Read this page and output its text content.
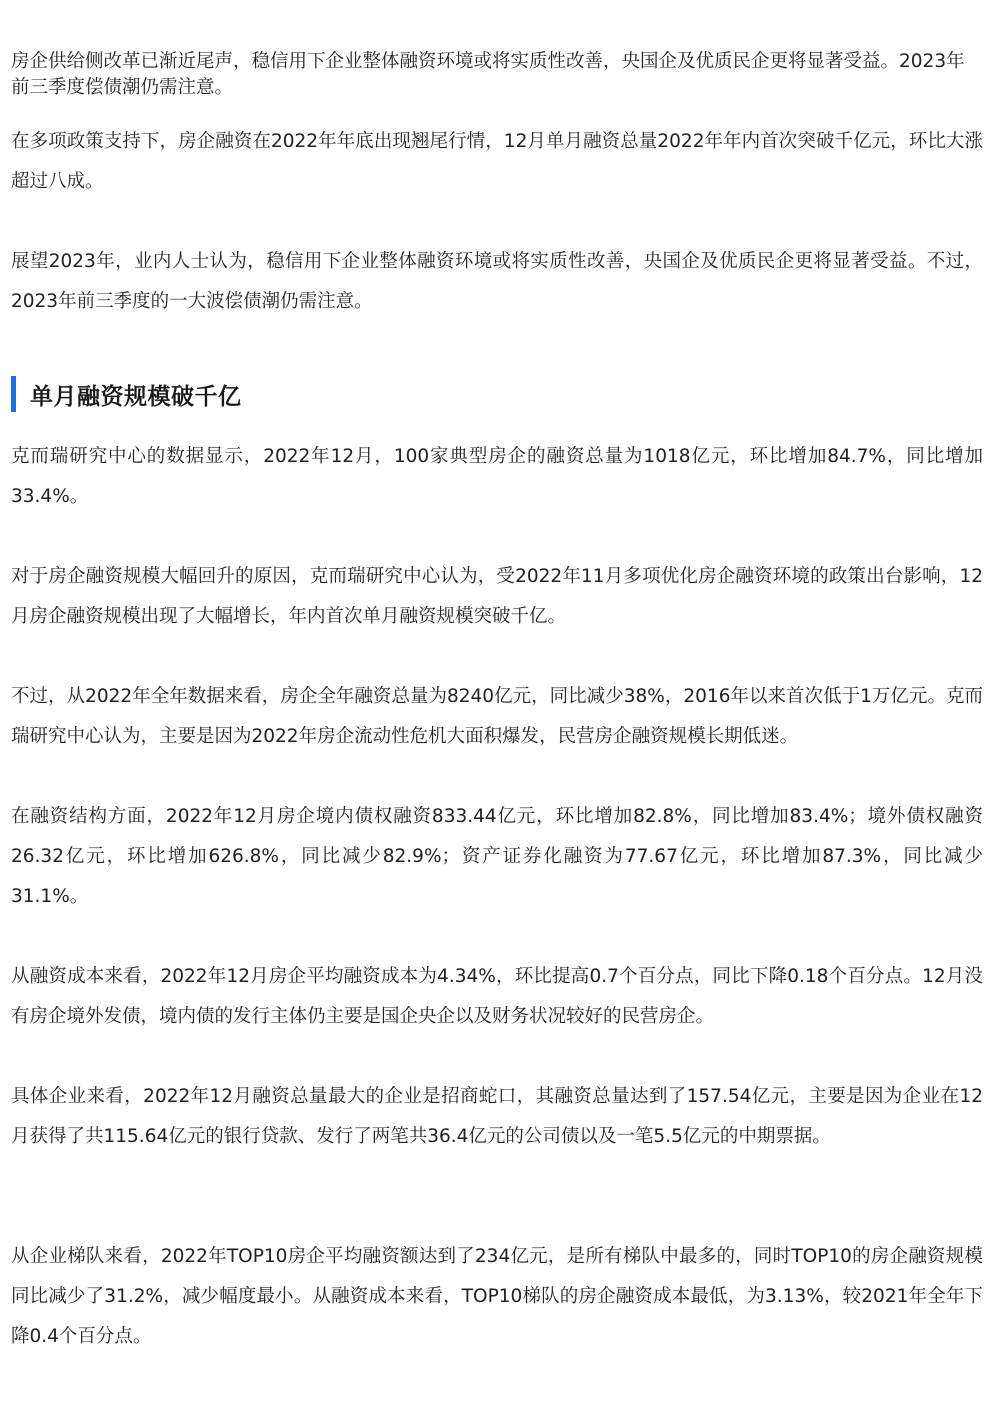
房企供给侧改革已渐近尾声，稳信用下企业整体融资环境或将实质性改善，央国企及优质民企更将显著受益。2023年前三季度偿债潮仍需注意。

在多项政策支持下，房企融资在2022年年底出现翘尾行情，12月单月融资总量2022年年内首次突破千亿元，环比大涨超过八成。

展望2023年，业内人士认为，稳信用下企业整体融资环境或将实质性改善，央国企及优质民企更将显著受益。不过，2023年前三季度的一大波偿债潮仍需注意。

单月融资规模破千亿

克而瑞研究中心的数据显示，2022年12月，100家典型房企的融资总量为1018亿元，环比增加84.7%，同比增加33.4%。

对于房企融资规模大幅回升的原因，克而瑞研究中心认为，受2022年11月多项优化房企融资环境的政策出台影响，12月房企融资规模出现了大幅增长，年内首次单月融资规模突破千亿。

不过，从2022年全年数据来看，房企全年融资总量为8240亿元，同比减少38%，2016年以来首次低于1万亿元。克而瑞研究中心认为，主要是因为2022年房企流动性危机大面积爆发，民营房企融资规模长期低迷。

在融资结构方面，2022年12月房企境内债权融资833.44亿元，环比增加82.8%，同比增加83.4%；境外债权融资26.32亿元，环比增加626.8%，同比减少82.9%；资产证券化融资为77.67亿元，环比增加87.3%，同比减少31.1%。

从融资成本来看，2022年12月房企平均融资成本为4.34%，环比提高0.7个百分点，同比下降0.18个百分点。12月没有房企境外发债，境内债的发行主体仍主要是国企央企以及财务状况较好的民营房企。

具体企业来看，2022年12月融资总量最大的企业是招商蛇口，其融资总量达到了157.54亿元，主要是因为企业在12月获得了共115.64亿元的银行贷款、发行了两笔共36.4亿元的公司债以及一笔5.5亿元的中期票据。

从企业梯队来看，2022年TOP10房企平均融资额达到了234亿元，是所有梯队中最多的，同时TOP10的房企融资规模同比减少了31.2%，减少幅度最小。从融资成本来看，TOP10梯队的房企融资成本最低，为3.13%，较2021年全年下降0.4个百分点。
